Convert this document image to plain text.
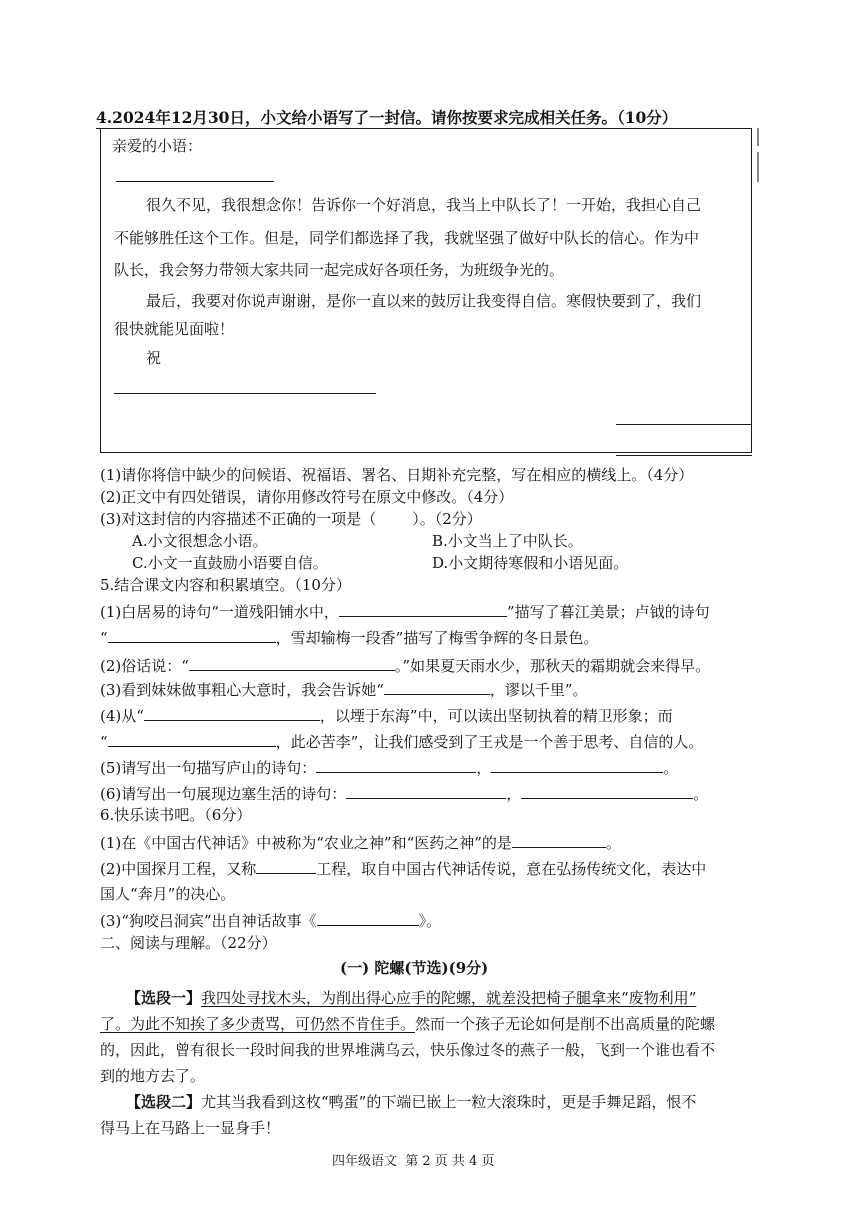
4.2024年12月30日，小文给小语写了一封信。请你按要求完成相关任务。（10分）
亲爱的小语：
很久不见，我很想念你！告诉你一个好消息，我当上中队长了！一开始，我担心自己
不能够胜任这个工作。但是，同学们都选择了我，我就坚强了做好中队长的信心。作为中
队长，我会努力带领大家共同一起完成好各项任务，为班级争光的。
最后，我要对你说声谢谢，是你一直以来的鼓厉让我变得自信。寒假快要到了，我们
很快就能见面啦！
祝
(1)请你将信中缺少的问候语、祝福语、署名、日期补充完整，写在相应的横线上。（4分）
(2)正文中有四处错误，请你用修改符号在原文中修改。（4分）
(3)对这封信的内容描述不正确的一项是（ ）。（2分）
A.小文很想念小语。	B.小文当上了中队长。
C.小文一直鼓励小语要自信。	D.小文期待寒假和小语见面。
5.结合课文内容和积累填空。（10分）
(1)白居易的诗句“一道残阳铺水中，	”描写了暮江美景；卢钺的诗句
“	，雪却输梅一段香”描写了梅雪争辉的冬日景色。
(2)俗话说：“	。”如果夏天雨水少，那秋天的霜期就会来得早。
(3)看到妹妹做事粗心大意时，我会告诉她“	，谬以千里”。
(4)从“	，以堙于东海”中，可以读出坚韧执着的精卫形象；而
“	，此必苦李”，让我们感受到了王戎是一个善于思考、自信的人。
(5)请写出一句描写庐山的诗句：	，	。
(6)请写出一句展现边塞生活的诗句：	，	。
6.快乐读书吧。（6分）
(1)在《中国古代神话》中被称为“农业之神”和“医药之神”的是	。
(2)中国探月工程，又称	工程，取自中国古代神话传说，意在弘扬传统文化，表达中
国人“奔月”的决心。
(3)“狗咬吕洞宾”出自神话故事《	》。
二、阅读与理解。（22分）
(一) 陀螺(节选)(9分)
【选段一】我四处寻找木头，为削出得心应手的陀螺，就差没把椅子腿拿来“废物利用”
了。为此不知挨了多少责骂，可仍然不肯住手。然而一个孩子无论如何是削不出高质量的陀螺
的，因此，曾有很长一段时间我的世界堆满乌云，快乐像过冬的燕子一般，飞到一个谁也看不
到的地方去了。
【选段二】尤其当我看到这枚“鸭蛋”的下端已嵌上一粒大滚珠时，更是手舞足蹈，恨不
得马上在马路上一显身手！
四年级语文  第 2 页 共 4 页
